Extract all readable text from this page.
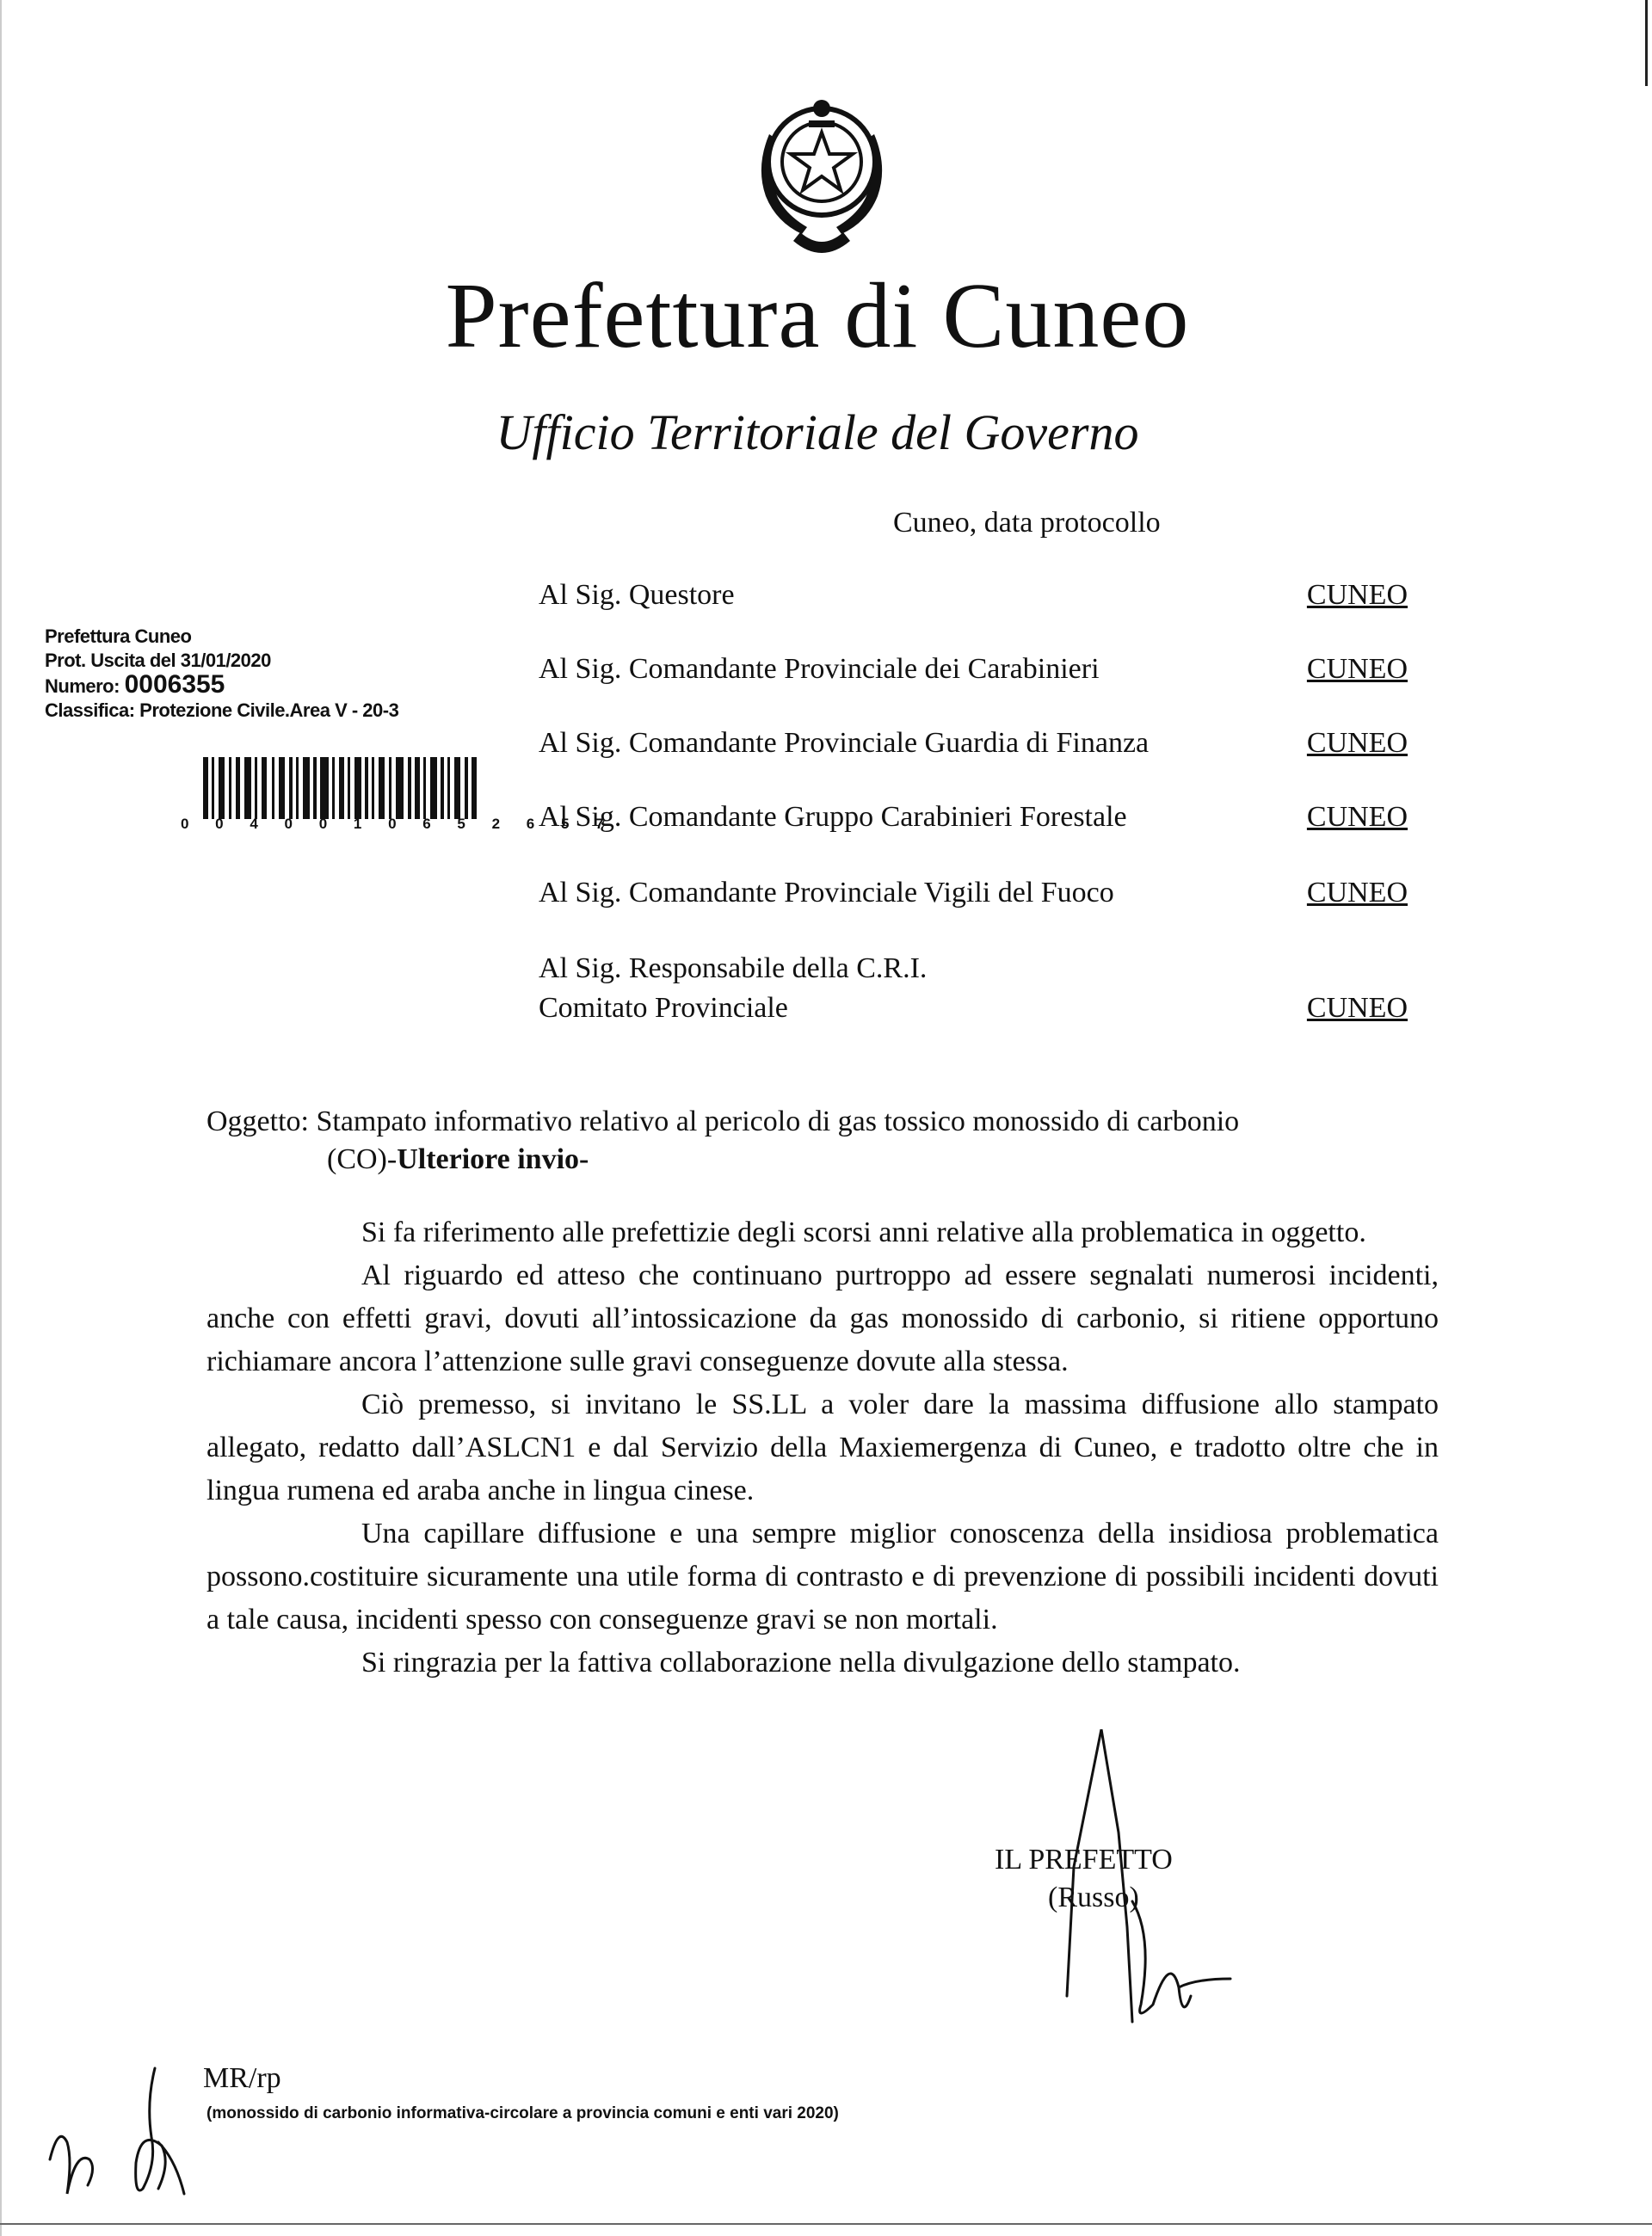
Prefettura di Cuneo
Ufficio Territoriale del Governo
Cuneo, data protocollo
Prefettura Cuneo
Prot. Uscita del 31/01/2020
Numero: 0006355
Classifica: Protezione Civile.Area V - 20-3
0 0 4 0 0 1 0 6 5 2 6 5 7
Al Sig. Questore	CUNEO
Al Sig. Comandante Provinciale dei Carabinieri	CUNEO
Al Sig. Comandante Provinciale Guardia di Finanza	CUNEO
Al Sig. Comandante Gruppo Carabinieri Forestale	CUNEO
Al Sig. Comandante Provinciale Vigili del Fuoco	CUNEO
Al Sig. Responsabile della C.R.I.
Comitato Provinciale	CUNEO
Oggetto: Stampato informativo relativo al pericolo di gas tossico monossido di carbonio
(CO)-Ulteriore invio-

Si fa riferimento alle prefettizie degli scorsi anni relative alla problematica in oggetto.

Al riguardo ed atteso che continuano purtroppo ad essere segnalati numerosi incidenti, anche con effetti gravi, dovuti all’intossicazione da gas monossido di carbonio, si ritiene opportuno richiamare ancora l’attenzione sulle gravi conseguenze dovute alla stessa.

Ciò premesso, si invitano le SS.LL a voler dare la massima diffusione allo stampato allegato, redatto dall’ASLCN1 e dal Servizio della Maxiemergenza di Cuneo, e tradotto oltre che in lingua rumena ed araba anche in lingua cinese.

Una capillare diffusione e una sempre miglior conoscenza della insidiosa problematica possono.costituire sicuramente una utile forma di contrasto e di prevenzione di possibili incidenti dovuti a tale causa, incidenti spesso con conseguenze gravi se non mortali.

Si ringrazia per la fattiva collaborazione nella divulgazione dello stampato.

IL PREFETTO
(Russo)
MR/rp
(monossido di carbonio informativa-circolare a provincia comuni e enti vari 2020)
